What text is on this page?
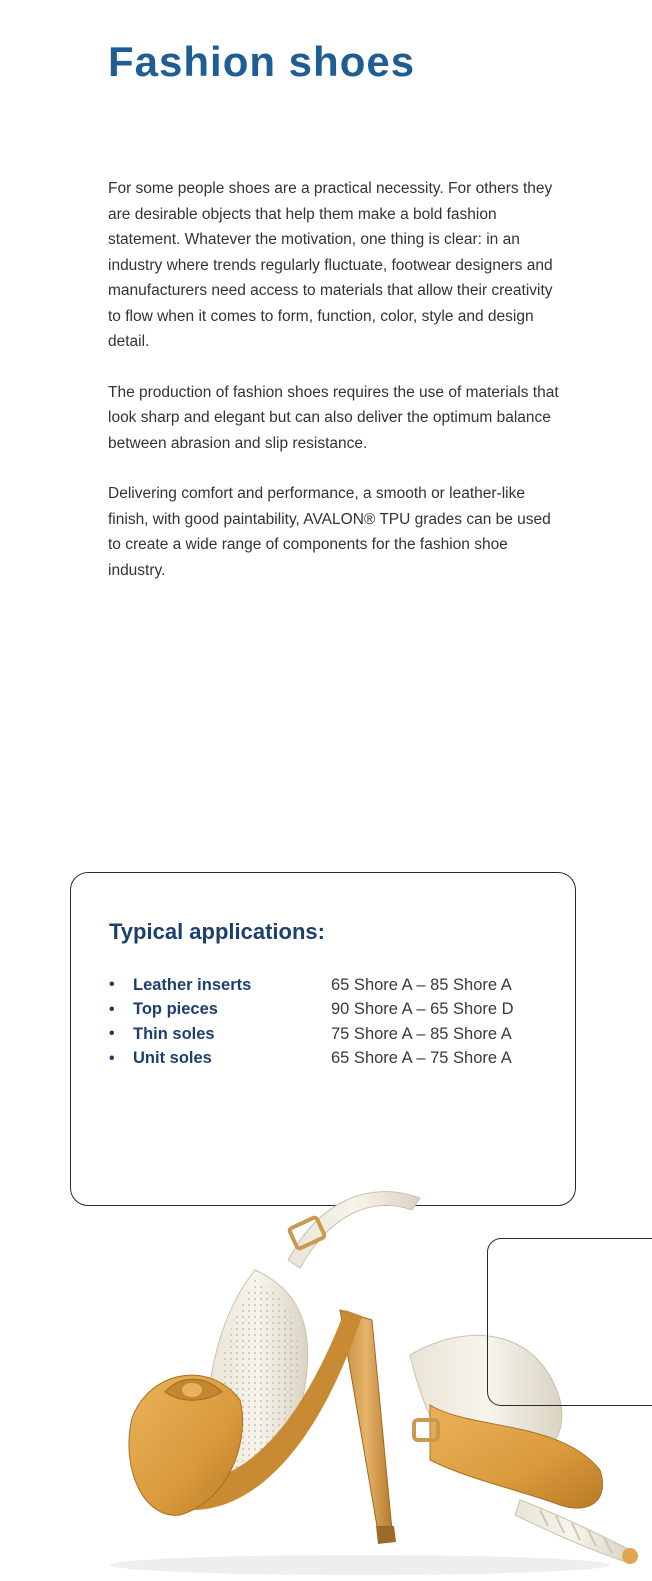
Fashion shoes

For some people shoes are a practical necessity. For others they are desirable objects that help them make a bold fashion statement. Whatever the motivation, one thing is clear: in an industry where trends regularly fluctuate, footwear designers and manufacturers need access to materials that allow their creativity to flow when it comes to form, function, color, style and design detail.

The production of fashion shoes requires the use of materials that look sharp and elegant but can also deliver the optimum balance between abrasion and slip resistance.

Delivering comfort and performance, a smooth or leather-like finish, with good paintability, AVALON® TPU grades can be used to create a wide range of components for the fashion shoe industry.

Typical applications:
•	Leather inserts	65 Shore A – 85 Shore A
•	Top pieces	90 Shore A – 65 Shore D
•	Thin soles	75 Shore A – 85 Shore A
•	Unit soles	65 Shore A – 75 Shore A
